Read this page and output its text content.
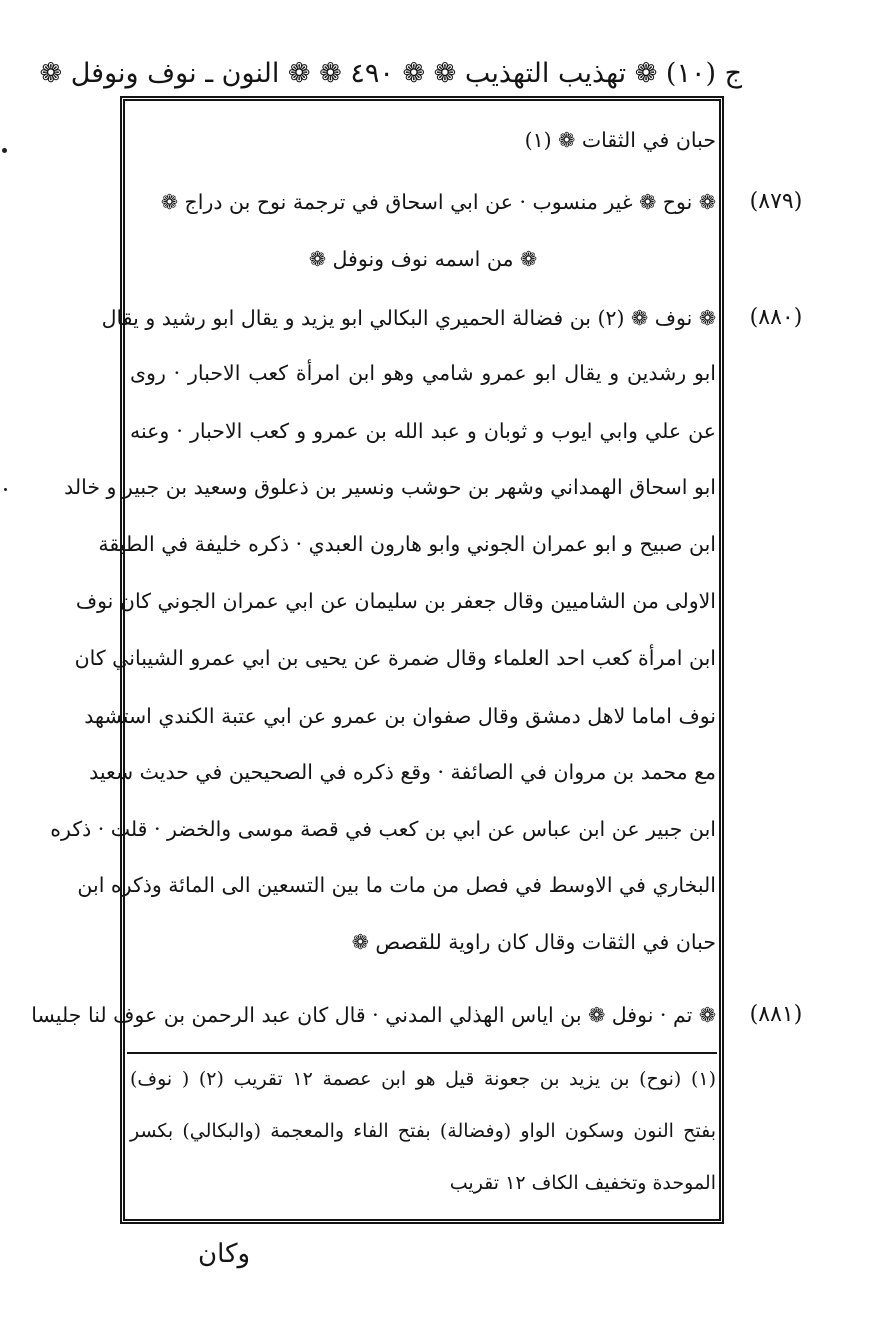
ج (١٠) ❁ تهذيب التهذيب ❁ ❁ ٤٩٠ ❁ ❁ النون ـ نوف ونوفل ❁
حبان في الثقات ❁ (١)
❁ نوح ❁ غير منسوب · عن ابي اسحاق في ترجمة نوح بن دراج ❁
❁ من اسمه نوف ونوفل ❁
❁ نوف ❁ (٢) بن فضالة الحميري البكالي ابو يزيد و يقال ابو رشيد و يقال
ابو رشدين و يقال ابو عمرو شامي وهو ابن امرأة كعب الاحبار · روى
عن علي وابي ايوب و ثوبان و عبد الله بن عمرو و كعب الاحبار · وعنه
ابو اسحاق الهمداني وشهر بن حوشب ونسير بن ذعلوق وسعيد بن جبير و خالد
ابن صبيح و ابو عمران الجوني وابو هارون العبدي · ذكره خليفة في الطبقة
الاولى من الشاميين وقال جعفر بن سليمان عن ابي عمران الجوني كان نوف
ابن امرأة كعب احد العلماء وقال ضمرة عن يحيى بن ابي عمرو الشيباني كان
نوف اماما لاهل دمشق وقال صفوان بن عمرو عن ابي عتبة الكندي استشهد
مع محمد بن مروان في الصائفة · وقع ذكره في الصحيحين في حديث سعيد
ابن جبير عن ابن عباس عن ابي بن كعب في قصة موسى والخضر · قلت · ذكره
البخاري في الاوسط في فصل من مات ما بين التسعين الى المائة وذكره ابن
حبان في الثقات وقال كان راوية للقصص ❁
❁ تم · نوفل ❁ بن اياس الهذلي المدني · قال كان عبد الرحمن بن عوف لنا جليسا
(٨٧٩)
(٨٨٠)
(٨٨١)
(١) (نوح) بن يزيد بن جعونة قيل هو ابن عصمة ١٢ تقريب (٢) ( نوف)
بفتح النون وسكون الواو (وفضالة) بفتح الفاء والمعجمة (والبكالي) بكسر
الموحدة وتخفيف الكاف ١٢ تقريب
وكان
